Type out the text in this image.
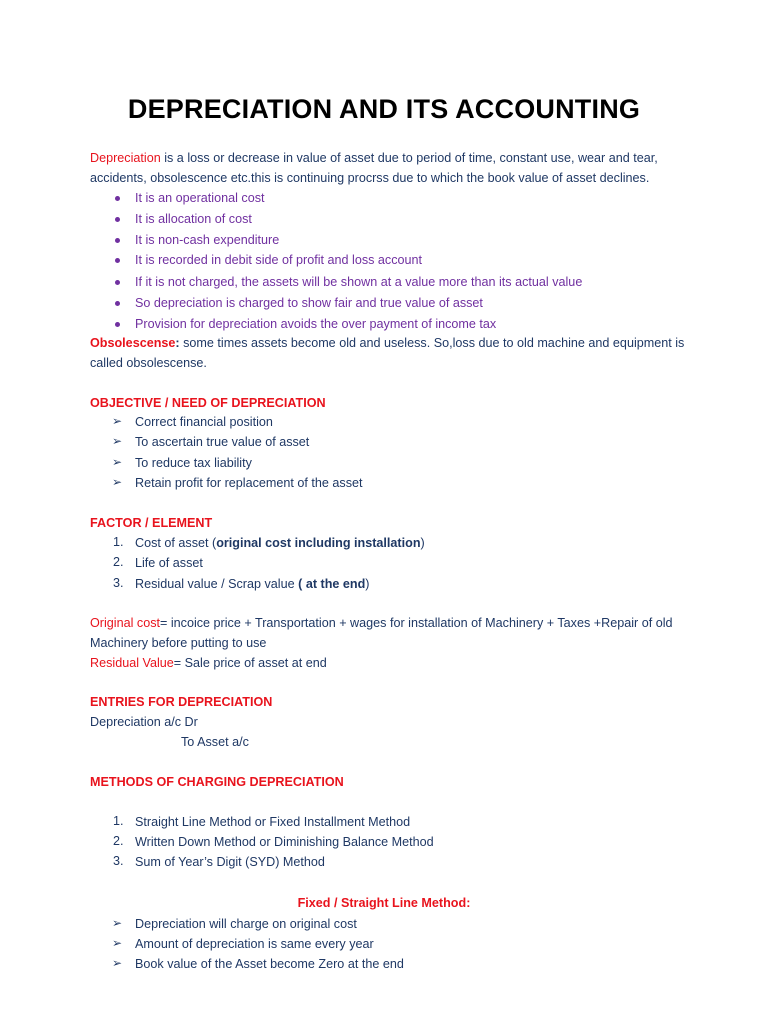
DEPRECIATION AND ITS ACCOUNTING
Depreciation is a loss or decrease in value of asset due to period of time, constant use, wear and tear,
accidents, obsolescence etc.this is continuing procrss due to which the book value of asset declines.
It is an operational cost
It is allocation of cost
It is non-cash expenditure
It is recorded in debit side of profit and loss account
If it is not charged, the assets will be shown at a value more than its actual value
So depreciation is charged to show fair and true value of asset
Provision for depreciation avoids the over payment of income tax
Obsolescense: some times assets become old and useless. So,loss due to old machine and equipment is
called obsolescense.
OBJECTIVE / NEED OF DEPRECIATION
➢ Correct financial position
➢ To ascertain true value of asset
➢ To reduce tax liability
➢ Retain profit for replacement of the asset
FACTOR / ELEMENT
1. Cost of asset (original cost including installation)
2. Life of asset
3. Residual value / Scrap value ( at the end)
Original cost= incoice price + Transportation + wages for installation of Machinery + Taxes +Repair of old
Machinery before putting to use
Residual Value= Sale price of asset at end
ENTRIES FOR DEPRECIATION
Depreciation a/c Dr
To Asset a/c
METHODS OF CHARGING DEPRECIATION
1. Straight Line Method or Fixed Installment Method
2. Written Down Method or Diminishing Balance Method
3. Sum of Year’s Digit (SYD) Method
Fixed / Straight Line Method:
➢ Depreciation will charge on original cost
➢ Amount of depreciation is same every year
➢ Book value of the Asset become Zero at the end
